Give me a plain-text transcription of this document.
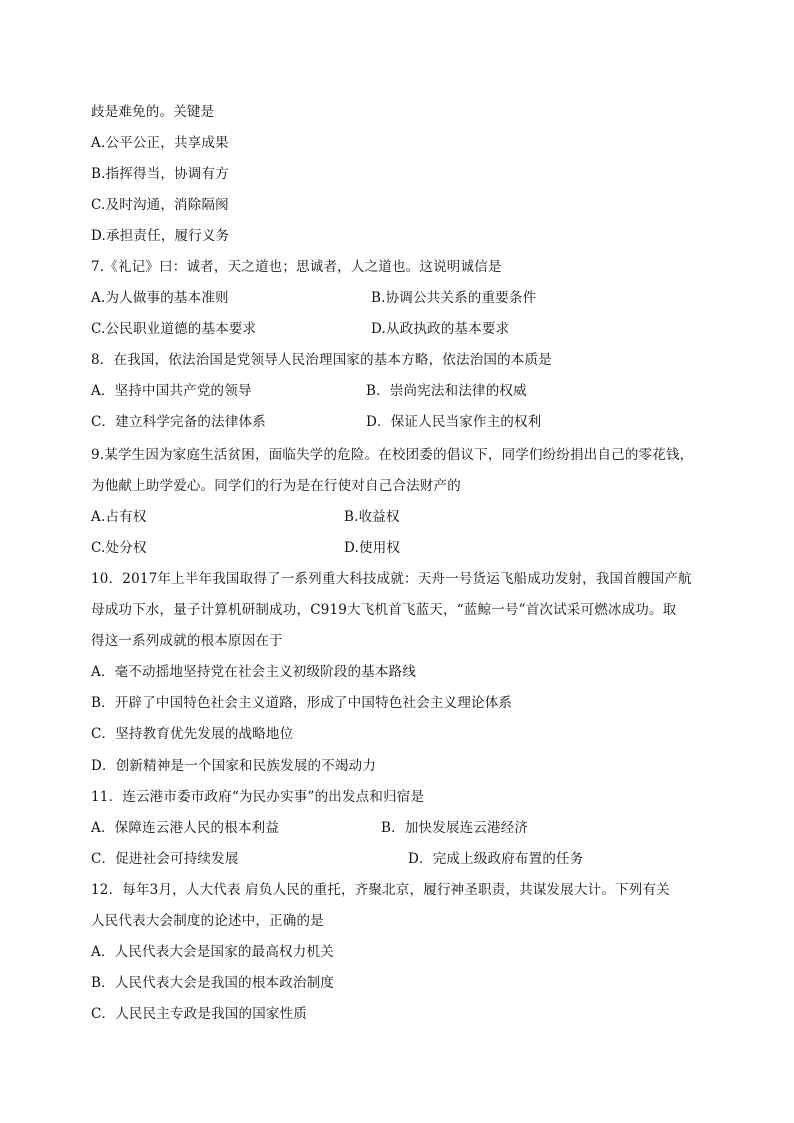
歧是难免的。关键是
A.公平公正，共享成果
B.指挥得当，协调有方
C.及时沟通，消除隔阂
D.承担责任，履行义务
7.《礼记》曰：诚者，天之道也；思诚者，人之道也。这说明诚信是
A.为人做事的基本准则	B.协调公共关系的重要条件
C.公民职业道德的基本要求	D.从政执政的基本要求
8．在我国，依法治国是党领导人民治理国家的基本方略，依法治国的本质是
A．坚持中国共产党的领导	B．崇尚宪法和法律的权威
C．建立科学完备的法律体系	D．保证人民当家作主的权利
9.某学生因为家庭生活贫困，面临失学的危险。在校团委的倡议下，同学们纷纷捐出自己的零花钱，
为他献上助学爱心。同学们的行为是在行使对自己合法财产的
A.占有权	B.收益权
C.处分权	D.使用权
10．2017年上半年我国取得了一系列重大科技成就：天舟一号货运飞船成功发射，我国首艘国产航
母成功下水，量子计算机研制成功，C919大飞机首飞蓝天，“蓝鲸一号”首次试采可燃冰成功。取
得这一系列成就的根本原因在于
A．毫不动摇地坚持党在社会主义初级阶段的基本路线
B．开辟了中国特色社会主义道路，形成了中国特色社会主义理论体系
C．坚持教育优先发展的战略地位
D．创新精神是一个国家和民族发展的不竭动力
11．连云港市委市政府“为民办实事”的出发点和归宿是
A．保障连云港人民的根本利益	B．加快发展连云港经济
C．促进社会可持续发展	D．完成上级政府布置的任务
12．每年3月，人大代表 肩负人民的重托，齐聚北京，履行神圣职责，共谋发展大计。下列有关
人民代表大会制度的论述中，正确的是
A．人民代表大会是国家的最高权力机关
B．人民代表大会是我国的根本政治制度
C．人民民主专政是我国的国家性质
